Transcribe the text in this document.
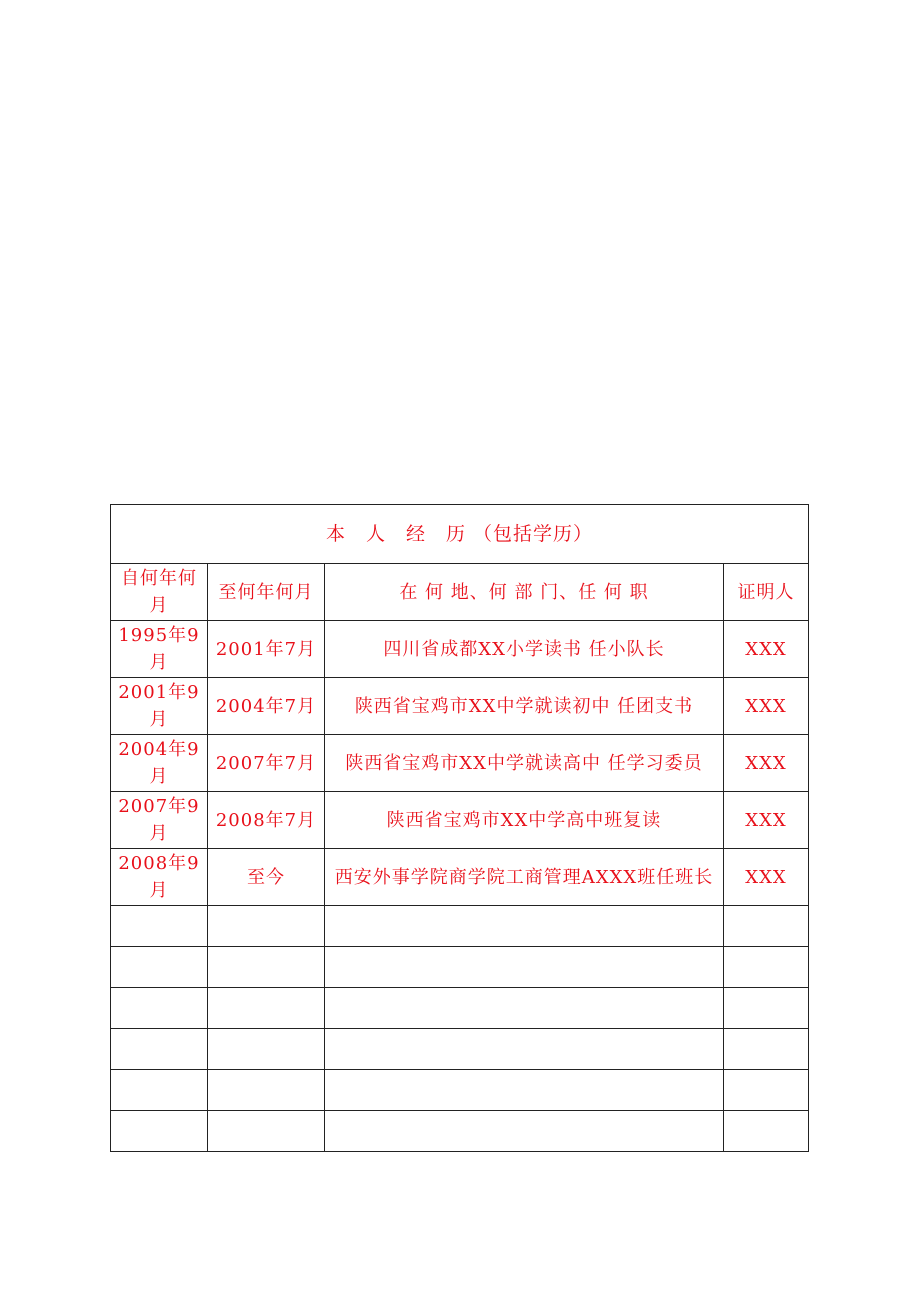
本　人　经　历 （包括学历）			
自何年何月	至何年何月	在 何 地、何 部 门、任 何 职	证明人
1995年9月	2001年7月	四川省成都XX小学读书 任小队长	XXX
2001年9月	2004年7月	陕西省宝鸡市XX中学就读初中 任团支书	XXX
2004年9月	2007年7月	陕西省宝鸡市XX中学就读高中 任学习委员	XXX
2007年9月	2008年7月	陕西省宝鸡市XX中学高中班复读	XXX
2008年9月	至今	西安外事学院商学院工商管理AXXX班任班长	XXX
